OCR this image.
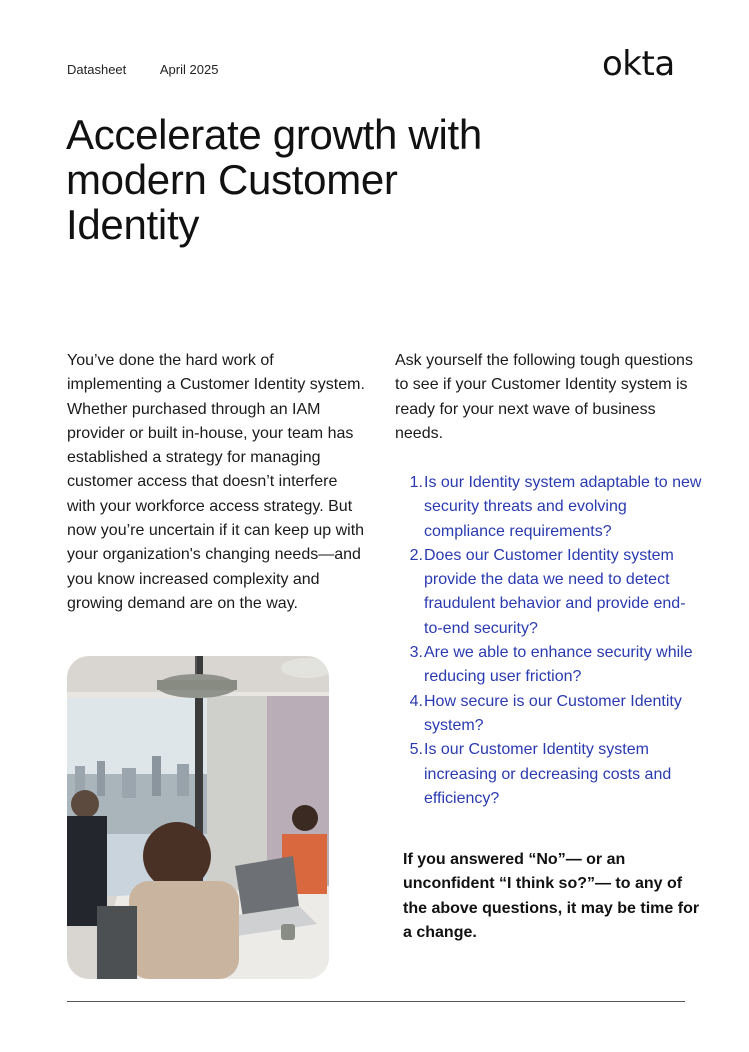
Datasheet	April 2025	okta
Accelerate growth with
modern Customer
Identity

You’ve done the hard work of implementing a Customer Identity system. Whether purchased through an IAM provider or built in-house, your team has established a strategy for managing customer access that doesn’t interfere with your workforce access strategy. But now you’re uncertain if it can keep up with your organization's changing needs—and you know increased complexity and growing demand are on the way.

Ask yourself the following tough questions to see if your Customer Identity system is ready for your next wave of business needs.

1. Is our Identity system adaptable to new security threats and evolving compliance requirements?
2. Does our Customer Identity system provide the data we need to detect fraudulent behavior and provide end-to-end security?
3. Are we able to enhance security while reducing user friction?
4. How secure is our Customer Identity system?
5. Is our Customer Identity system increasing or decreasing costs and efficiency?

If you answered “No”— or an unconfident “I think so?”— to any of the above questions, it may be time for a change.
